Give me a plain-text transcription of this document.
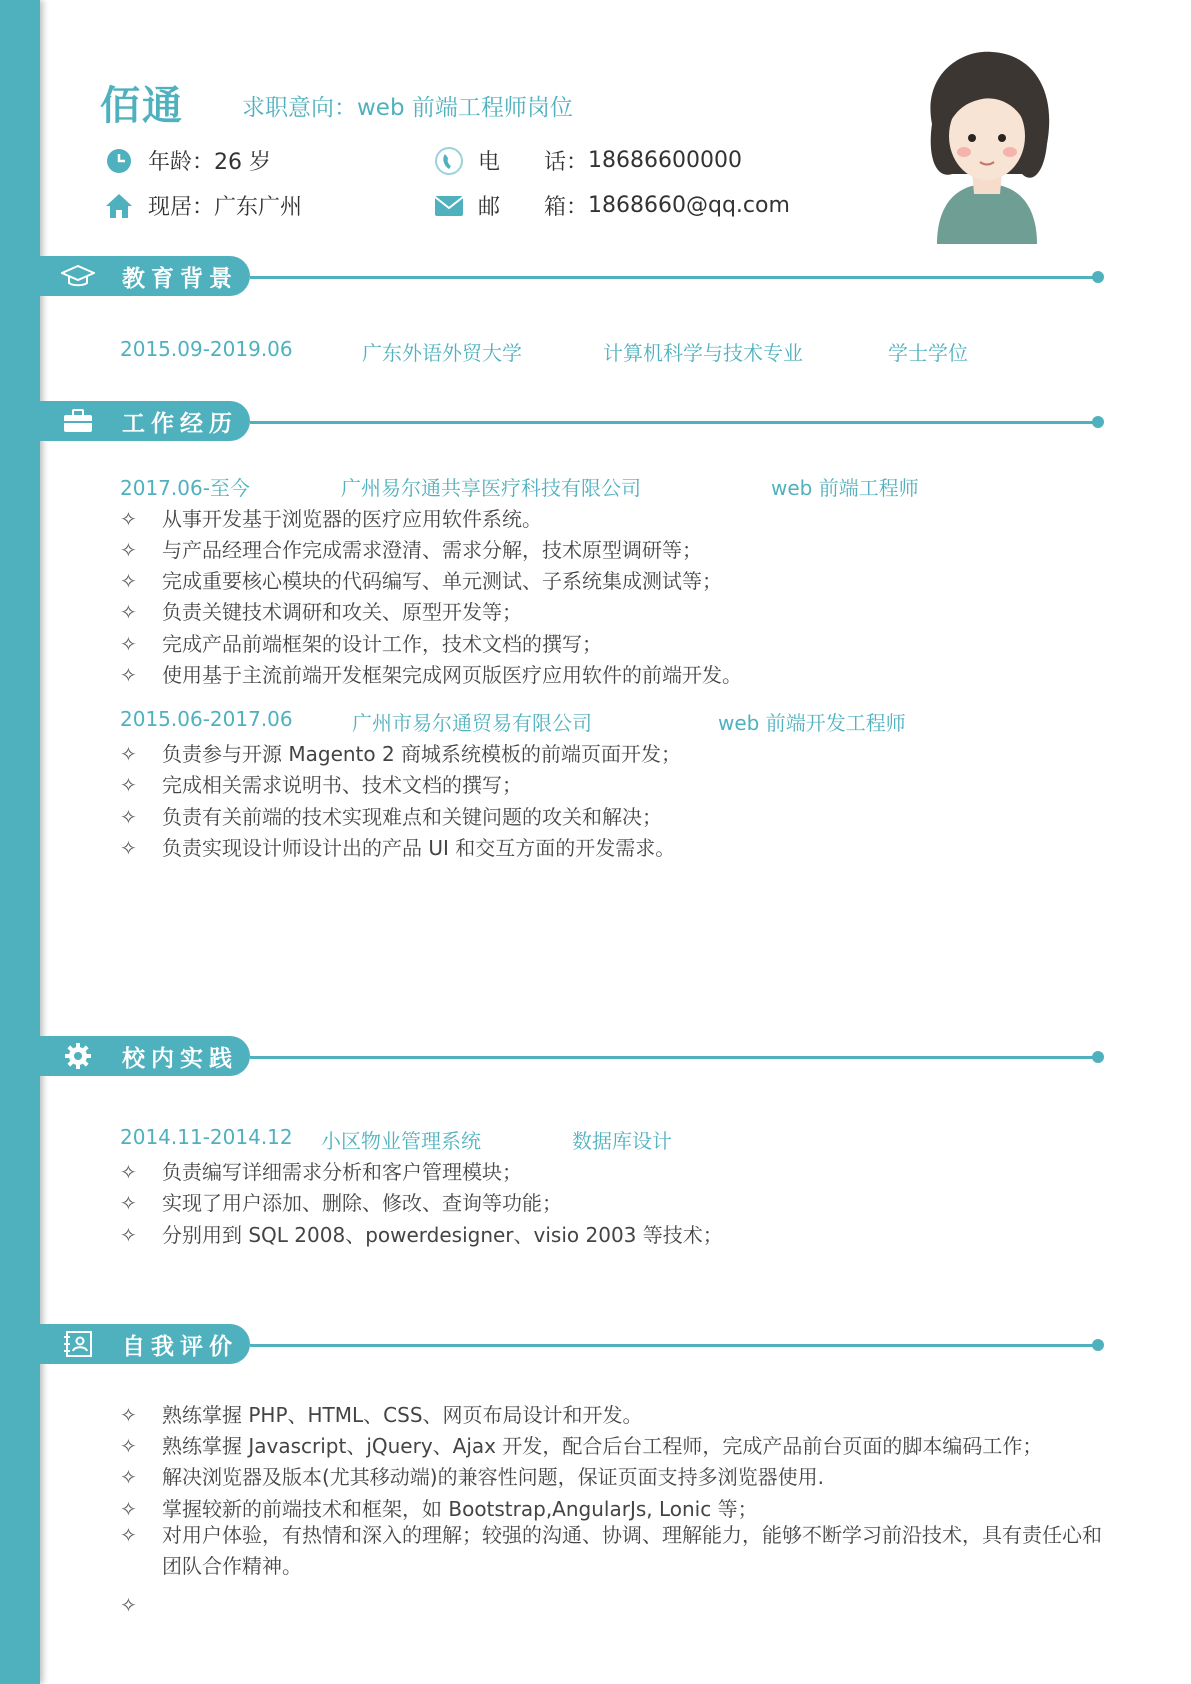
佰通	求职意向：web 前端工程师岗位
年龄：26 岁	电　　话： 18686600000
现居：广东广州	邮　　箱： 1868660@qq.com
教育背景
2015.09-2019.06	广东外语外贸大学	计算机科学与技术专业	学士学位
工作经历
2017.06-至今	广州易尔通共享医疗科技有限公司	web 前端工程师
✧ 从事开发基于浏览器的医疗应用软件系统。
✧ 与产品经理合作完成需求澄清、需求分解，技术原型调研等；
✧ 完成重要核心模块的代码编写、单元测试、子系统集成测试等；
✧ 负责关键技术调研和攻关、原型开发等；
✧ 完成产品前端框架的设计工作，技术文档的撰写；
✧ 使用基于主流前端开发框架完成网页版医疗应用软件的前端开发。
2015.06-2017.06	广州市易尔通贸易有限公司	web 前端开发工程师
✧ 负责参与开源 Magento 2 商城系统模板的前端页面开发；
✧ 完成相关需求说明书、技术文档的撰写；
✧ 负责有关前端的技术实现难点和关键问题的攻关和解决；
✧ 负责实现设计师设计出的产品 UI 和交互方面的开发需求。
校内实践
2014.11-2014.12 小区物业管理系统	数据库设计
✧ 负责编写详细需求分析和客户管理模块；
✧ 实现了用户添加、删除、修改、查询等功能；
✧ 分别用到 SQL 2008、powerdesigner、visio 2003 等技术；
自我评价
✧ 熟练掌握 PHP、HTML、CSS、网页布局设计和开发。
✧ 熟练掌握 Javascript、jQuery、Ajax 开发，配合后台工程师，完成产品前台页面的脚本编码工作；
✧ 解决浏览器及版本(尤其移动端)的兼容性问题，保证页面支持多浏览器使用.
✧ 掌握较新的前端技术和框架，如 Bootstrap,AngularJs, Lonic 等；
✧	对用户体验，有热情和深入的理解；较强的沟通、协调、理解能力，能够不断学习前沿技术，具有责任心和团队合作精神。
✧
